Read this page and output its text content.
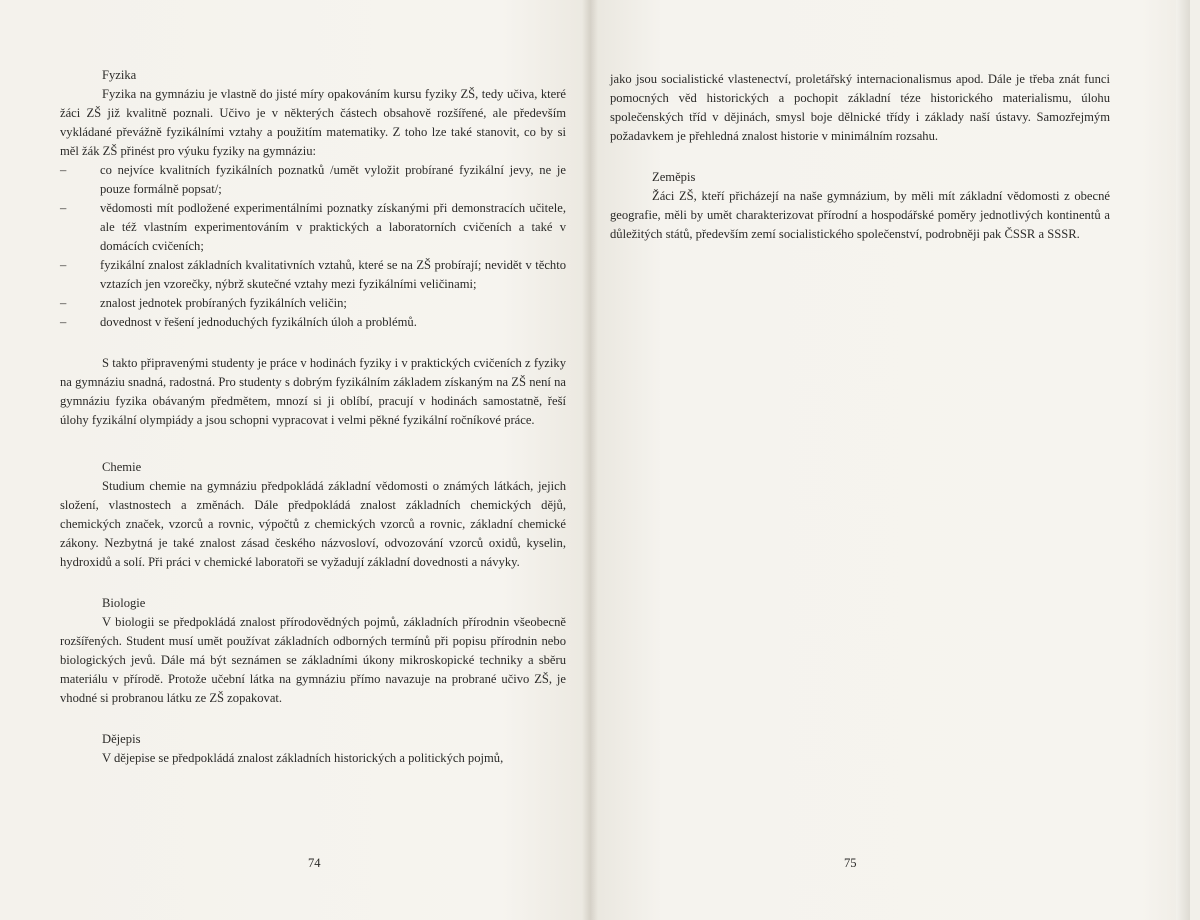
Fyzika

Fyzika na gymnáziu je vlastně do jisté míry opakováním kursu fyziky ZŠ, tedy učiva, které žáci ZŠ již kvalitně poznali. Učivo je v některých částech obsahově rozšířené, ale především vykládané převážně fyzikálními vztahy a použitím matematiky. Z toho lze také stanovit, co by si měl žák ZŠ přinést pro výuku fyziky na gymnáziu:

– co nejvíce kvalitních fyzikálních poznatků /umět vyložit probírané fyzikální jevy, ne je pouze formálně popsat/;
– vědomosti mít podložené experimentálními poznatky získanými při demonstracích učitele, ale též vlastním experimentováním v praktických a laboratorních cvičeních a také v domácích cvičeních;
– fyzikální znalost základních kvalitativních vztahů, které se na ZŠ probírají; nevidět v těchto vztazích jen vzorečky, nýbrž skutečné vztahy mezi fyzikálními veličinami;
– znalost jednotek probíraných fyzikálních veličin;
– dovednost v řešení jednoduchých fyzikálních úloh a problémů.

S takto připravenými studenty je práce v hodinách fyziky i v praktických cvičeních z fyziky na gymnáziu snadná, radostná. Pro studenty s dobrým fyzikálním základem získaným na ZŠ není na gymnáziu fyzika obávaným předmětem, mnozí si ji oblíbí, pracují v hodinách samostatně, řeší úlohy fyzikální olympiády a jsou schopni vypracovat i velmi pěkné fyzikální ročníkové práce.

Chemie

Studium chemie na gymnáziu předpokládá základní vědomosti o známých látkách, jejich složení, vlastnostech a změnách. Dále předpokládá znalost základních chemických dějů, chemických značek, vzorců a rovnic, výpočtů z chemických vzorců a rovnic, základní chemické zákony. Nezbytná je také znalost zásad českého názvosloví, odvozování vzorců oxidů, kyselin, hydroxidů a solí. Při práci v chemické laboratoři se vyžadují základní dovednosti a návyky.

Biologie

V biologii se předpokládá znalost přírodovědných pojmů, základních přírodnin všeobecně rozšířených. Student musí umět používat základních odborných termínů při popisu přírodnin nebo biologických jevů. Dále má být seznámen se základními úkony mikroskopické techniky a sběru materiálu v přírodě. Protože učební látka na gymnáziu přímo navazuje na probrané učivo ZŠ, je vhodné si probranou látku ze ZŠ zopakovat.

Dějepis

V dějepise se předpokládá znalost základních historických a politických pojmů,

74

jako jsou socialistické vlastenectví, proletářský internacionalismus apod. Dále je třeba znát funci pomocných věd historických a pochopit základní téze historického materialismu, úlohu společenských tříd v dějinách, smysl boje dělnické třídy i základy naší ústavy. Samozřejmým požadavkem je přehledná znalost historie v minimálním rozsahu.

Zeměpis

Žáci ZŠ, kteří přicházejí na naše gymnázium, by měli mít základní vědomosti z obecné geografie, měli by umět charakterizovat přírodní a hospodářské poměry jednotlivých kontinentů a důležitých států, především zemí socialistického společenství, podrobněji pak ČSSR a SSSR.

75
